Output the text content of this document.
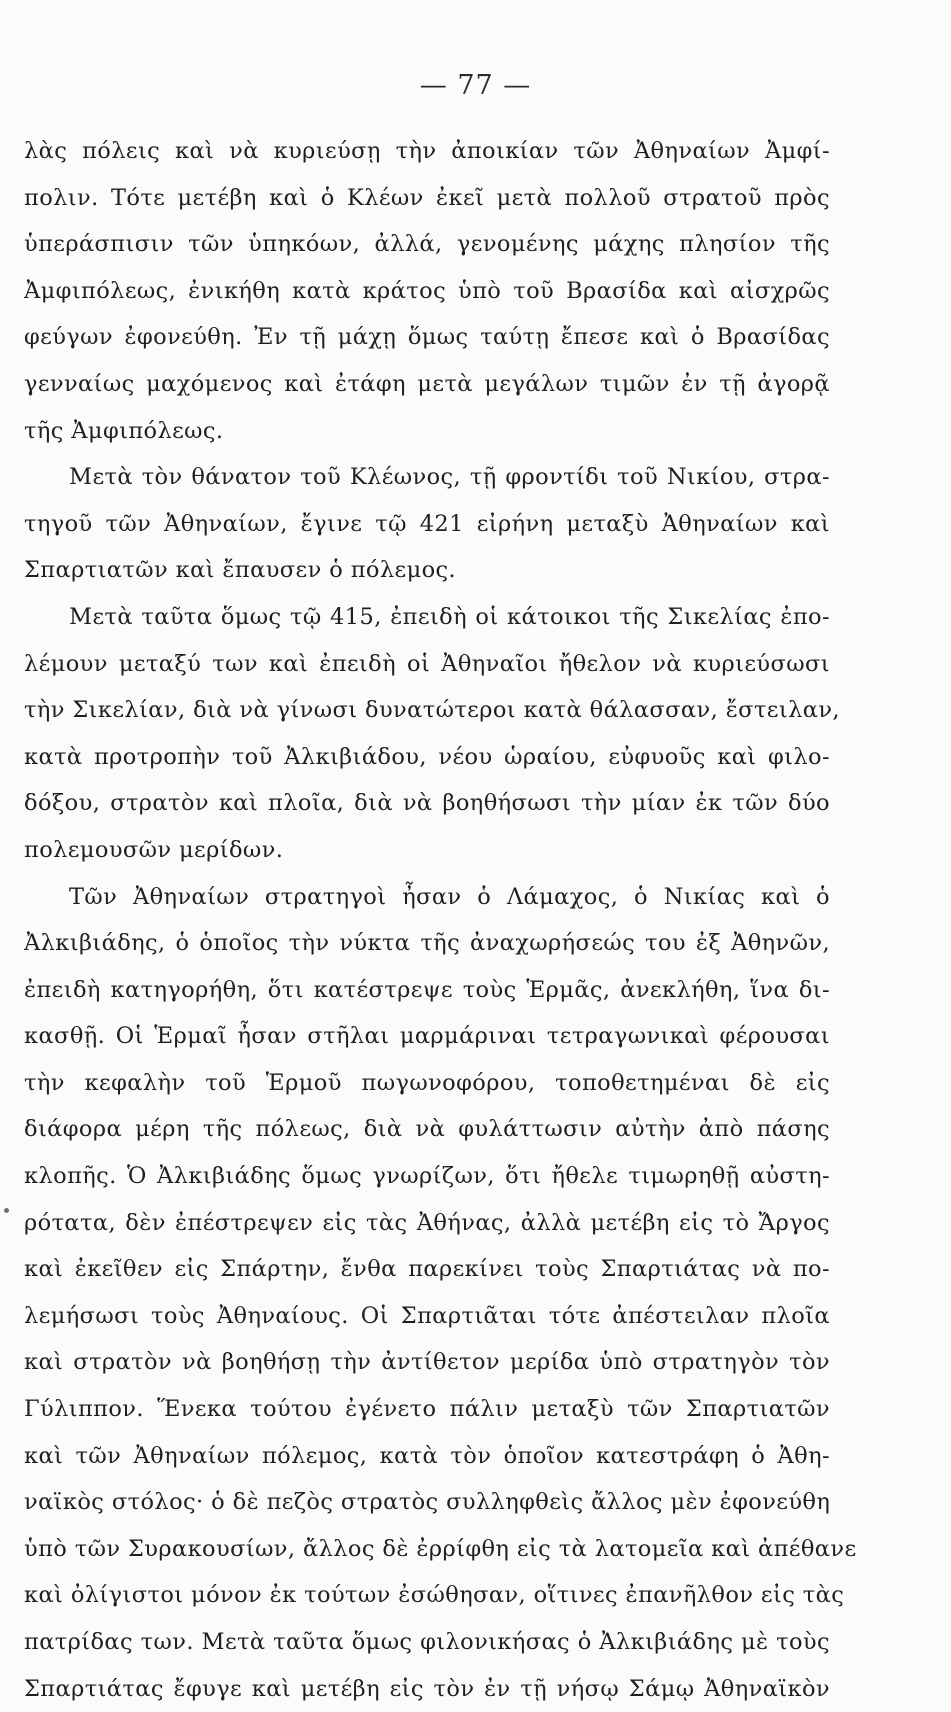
— 77 —
λὰς πόλεις καὶ νὰ κυριεύσῃ τὴν ἀποικίαν τῶν Ἀθηναίων Ἀμφί-
πολιν. Τότε μετέβη καὶ ὁ Κλέων ἐκεῖ μετὰ πολλοῦ στρατοῦ πρὸς
ὑπεράσπισιν τῶν ὑπηκόων, ἀλλά, γενομένης μάχης πλησίον τῆς
Ἀμφιπόλεως, ἐνικήθη κατὰ κράτος ὑπὸ τοῦ Βρασίδα καὶ αἰσχρῶς
φεύγων ἐφονεύθη. Ἐν τῇ μάχῃ ὅμως ταύτῃ ἔπεσε καὶ ὁ Βρασίδας
γενναίως μαχόμενος καὶ ἐτάφη μετὰ μεγάλων τιμῶν ἐν τῇ ἀγορᾷ
τῆς Ἀμφιπόλεως.
Μετὰ τὸν θάνατον τοῦ Κλέωνος, τῇ φροντίδι τοῦ Νικίου, στρα-
τηγοῦ τῶν Ἀθηναίων, ἔγινε τῷ 421 εἰρήνη μεταξὺ Ἀθηναίων καὶ
Σπαρτιατῶν καὶ ἔπαυσεν ὁ πόλεμος.
Μετὰ ταῦτα ὅμως τῷ 415, ἐπειδὴ οἱ κάτοικοι τῆς Σικελίας ἐπο-
λέμουν μεταξύ των καὶ ἐπειδὴ οἱ Ἀθηναῖοι ἤθελον νὰ κυριεύσωσι
τὴν Σικελίαν, διὰ νὰ γίνωσι δυνατώτεροι κατὰ θάλασσαν, ἔστειλαν,
κατὰ προτροπὴν τοῦ Ἀλκιβιάδου, νέου ὡραίου, εὐφυοῦς καὶ φιλο-
δόξου, στρατὸν καὶ πλοῖα, διὰ νὰ βοηθήσωσι τὴν μίαν ἐκ τῶν δύο
πολεμουσῶν μερίδων.
Τῶν Ἀθηναίων στρατηγοὶ ἦσαν ὁ Λάμαχος, ὁ Νικίας καὶ ὁ
Ἀλκιβιάδης, ὁ ὁποῖος τὴν νύκτα τῆς ἀναχωρήσεώς του ἐξ Ἀθηνῶν,
ἐπειδὴ κατηγορήθη, ὅτι κατέστρεψε τοὺς Ἑρμᾶς, ἀνεκλήθη, ἵνα δι-
κασθῇ. Οἱ Ἑρμαῖ ἦσαν στῆλαι μαρμάριναι τετραγωνικαὶ φέρουσαι
τὴν κεφαλὴν τοῦ Ἑρμοῦ πωγωνοφόρου, τοποθετημέναι δὲ εἰς
διάφορα μέρη τῆς πόλεως, διὰ νὰ φυλάττωσιν αὐτὴν ἀπὸ πάσης
κλοπῆς. Ὁ Ἀλκιβιάδης ὅμως γνωρίζων, ὅτι ἤθελε τιμωρηθῇ αὐστη-
ρότατα, δὲν ἐπέστρεψεν εἰς τὰς Ἀθήνας, ἀλλὰ μετέβη εἰς τὸ Ἄργος
καὶ ἐκεῖθεν εἰς Σπάρτην, ἔνθα παρεκίνει τοὺς Σπαρτιάτας νὰ πο-
λεμήσωσι τοὺς Ἀθηναίους. Οἱ Σπαρτιᾶται τότε ἀπέστειλαν πλοῖα
καὶ στρατὸν νὰ βοηθήσῃ τὴν ἀντίθετον μερίδα ὑπὸ στρατηγὸν τὸν
Γύλιππον. Ἕνεκα τούτου ἐγένετο πάλιν μεταξὺ τῶν Σπαρτιατῶν
καὶ τῶν Ἀθηναίων πόλεμος, κατὰ τὸν ὁποῖον κατεστράφη ὁ Ἀθη-
ναϊκὸς στόλος· ὁ δὲ πεζὸς στρατὸς συλληφθεὶς ἄλλος μὲν ἐφονεύθη
ὑπὸ τῶν Συρακουσίων, ἄλλος δὲ ἐρρίφθη εἰς τὰ λατομεῖα καὶ ἀπέθανε
καὶ ὀλίγιστοι μόνον ἐκ τούτων ἐσώθησαν, οἵτινες ἐπανῆλθον εἰς τὰς
πατρίδας των. Μετὰ ταῦτα ὅμως φιλονικήσας ὁ Ἀλκιβιάδης μὲ τοὺς
Σπαρτιάτας ἔφυγε καὶ μετέβη εἰς τὸν ἐν τῇ νήσῳ Σάμῳ Ἀθηναϊκὸν
